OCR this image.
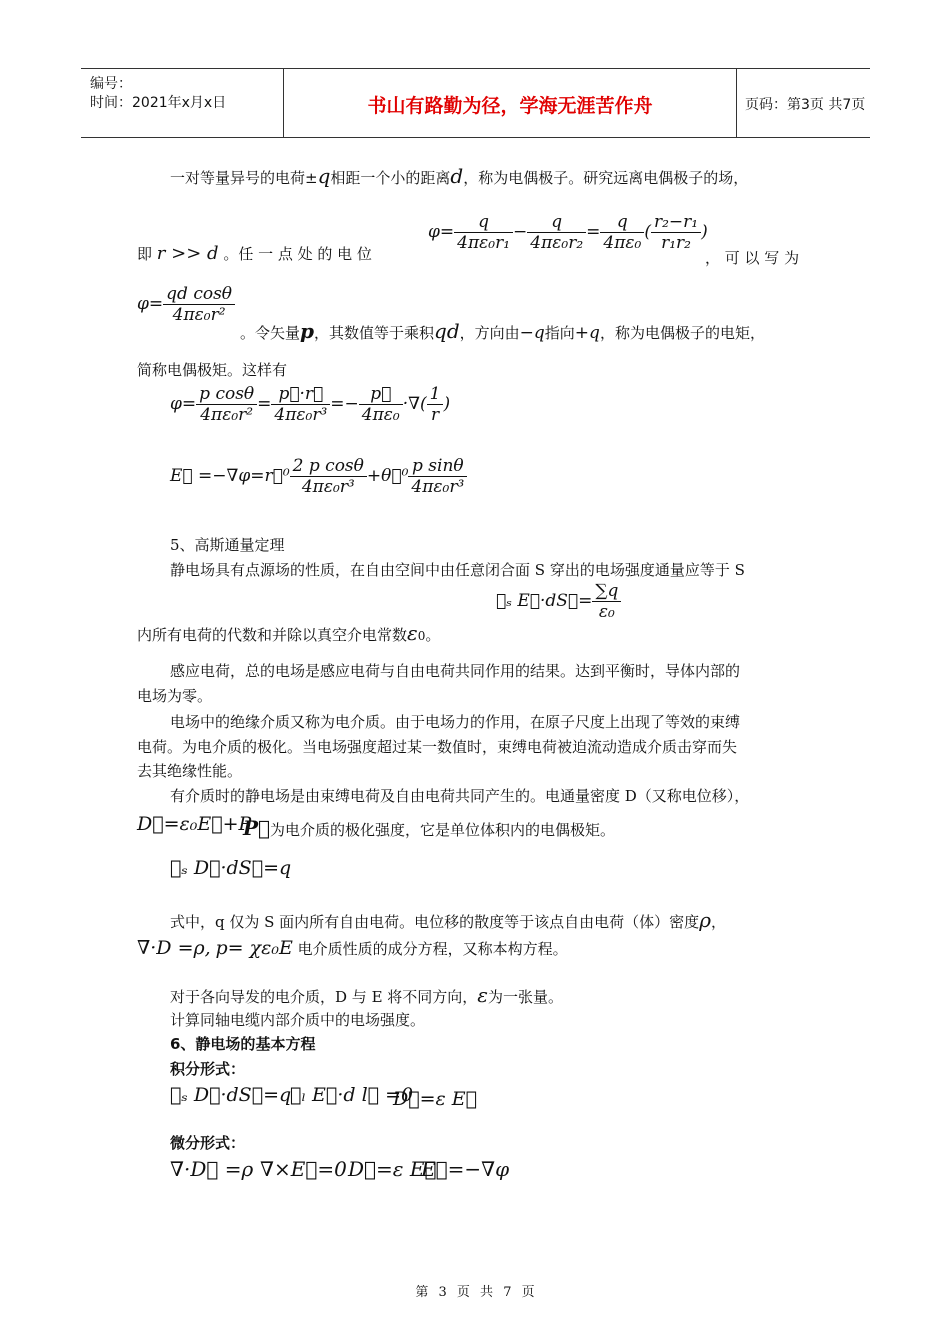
编号：
时间：2021年x月x日	书山有路勤为径，学海无涯苦作舟	页码：第3页 共7页
一对等量异号的电荷±q相距一个小的距离d，称为电偶极子。研究远离电偶极子的场，
即 r >> d 。任 一 点 处 的 电 位
$\varphi= \frac{q}{\text{4πε₀r₁}} - \frac{q}{\text{4πε₀r₂}} = \frac{q}{\text{4πε₀}}$ ( $\frac{\text{r₂−r₁}}{\text{r₁r₂}}$ )
， 可 以 写 为
$\varphi= \frac{\text{qd cosθ}}{\text{4πε₀r²}}$
。令矢量p，其数值等于乘积qd，方向由−q指向+q，称为电偶极子的电矩，
简称电偶极矩。这样有
$\varphi= \frac{\text{p cosθ}}{\text{4πε₀r²}} = \frac{p⃗\cdot r⃗}{\text{4πε₀r³}} =- \frac{p⃗}{\text{4πε₀}}$ ·∇( $\frac{1}{r}$ )
E⃗ =−∇φ=r⃗⁰ $\frac{\text{2 p cosθ}}{\text{4πε₀r³}}$ +θ⃗⁰ $\frac{\text{p sinθ}}{\text{4πε₀r³}}$
5、高斯通量定理
静电场具有点源场的性质，在自由空间中由任意闭合面 S 穿出的电场强度通量应等于 S
∯ₛ E⃗·dS⃗= $\frac{\sum q}{\text{ε₀}}$
内所有电荷的代数和并除以真空介电常数ε0。
感应电荷，总的电场是感应电荷与自由电荷共同作用的结果。达到平衡时，导体内部的
电场为零。
电场中的绝缘介质又称为电介质。由于电场力的作用，在原子尺度上出现了等效的束缚
电荷。为电介质的极化。当电场强度超过某一数值时，束缚电荷被迫流动造成介质击穿而失
去其绝缘性能。
有介质时的静电场是由束缚电荷及自由电荷共同产生的。电通量密度 D（又称电位移），
D⃗=ε₀E⃗+P
P⃗为电介质的极化强度，它是单位体积内的电偶极矩。
∯ₛ D⃗·dS⃗=q
式中，q 仅为 S 面内所有自由电荷。电位移的散度等于该点自由电荷（体）密度ρ，
∇·D =ρ, p= χε₀E 电介质性质的成分方程，又称本构方程。
对于各向导发的电介质，D 与 E 将不同方向，ε为一张量。
计算同轴电缆内部介质中的电场强度。
6、静电场的基本方程
积分形式：
∯ₛ D⃗·dS⃗=q
∮ₗ E⃗·d l⃗ =0
D⃗=ε E⃗
微分形式：
∇·D⃗ =ρ ∇×E⃗=0 D⃗=ε E⃗
E⃗=−∇φ
第 3 页 共 7 页
